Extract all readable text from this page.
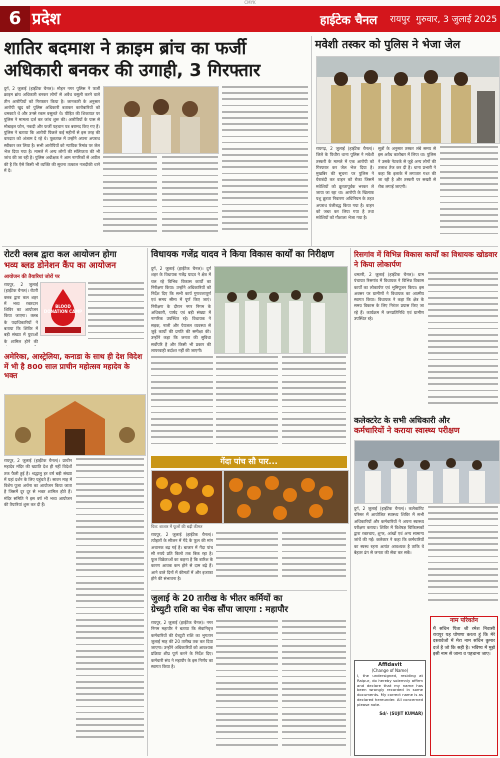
CMYK
6 प्रदेश	हाईटेक चैनल रायपुर गुरुवार, 3 जुलाई 2025
शातिर बदमाश ने क्राइम ब्रांच का फर्जी
अधिकारी बनकर की उगाही, 3 गिरफ्तार
दुर्ग, 2 जुलाई (हाईटेक चैनल)। मोहन नगर पुलिस ने फर्जी क्राइम ब्रांच अधिकारी बनकर लोगों से अवैध वसूली करने वाले तीन आरोपियों को गिरफ्तार किया है। जानकारी के अनुसार आरोपी खुद को पुलिस अधिकारी बताकर कारोबारियों को धमकाते थे और उनसे रकम वसूलते थे। पीड़ित की शिकायत पर पुलिस ने मामला दर्ज कर जांच शुरू की। आरोपियों के पास से मोबाइल फोन, नकदी और फर्जी पहचान पत्र बरामद किए गए हैं। पुलिस ने बताया कि आरोपी पिछले कई महीनों से इस तरह की वारदात को अंजाम दे रहे थे। पूछताछ में उन्होंने अपना अपराध स्वीकार कर लिया है। सभी आरोपियों को न्यायिक रिमांड पर जेल भेज दिया गया है। मामले में अन्य लोगों की संलिप्तता की भी जांच की जा रही है। पुलिस अधीक्षक ने आम नागरिकों से अपील की है कि ऐसे किसी भी व्यक्ति की सूचना तत्काल नजदीकी थाने में दें।
मवेशी तस्कर को पुलिस ने भेजा जेल
रायगढ़, 2 जुलाई (हाईटेक चैनल)। जिले के पिथौरा थाना पुलिस ने मवेशी तस्करी के मामले में एक आरोपी को गिरफ्तार कर जेल भेज दिया है। मुखबिर की सूचना पर पुलिस ने घेराबंदी कर वाहन को रोका जिसमें मवेशियों को क्रूरतापूर्वक भरकर ले जाया जा रहा था। आरोपी के खिलाफ पशु क्रूरता निवारण अधिनियम के तहत अपराध पंजीबद्ध किया गया है। वाहन को जब्त कर लिया गया है तथा मवेशियों को गौशाला भेजा गया है।
सूत्रों के अनुसार तस्कर लंबे समय से इस अवैध कारोबार में लिप्त था। पुलिस ने उसके नेटवर्क से जुड़े अन्य लोगों की तलाश तेज कर दी है। थाना प्रभारी ने कहा कि इलाके में लगातार गश्त की जा रही है और तस्करी पर सख्ती से रोक लगाई जाएगी।
रोटरी क्लब द्वारा कल आयोजन होगा
भव्य ब्लड डोनेशन कैंप का आयोजन
आयोजन की तैयारियां जोरों पर
रायपुर, 2 जुलाई (हाईटेक चैनल)। रोटरी क्लब द्वारा कल शहर में भव्य रक्तदान शिविर का आयोजन किया जाएगा। क्लब के पदाधिकारियों ने बताया कि शिविर में बड़ी संख्या में युवाओं के शामिल होने की
BLOOD DONATION CAMP
अमेरिका, आस्ट्रेलिया, कनाडा के साथ ही देश विदेश में भी है 800 साल प्राचीन महोत्सव महादेव के भक्त
रायपुर, 2 जुलाई (हाईटेक चैनल)। प्राचीन महादेव मंदिर की ख्याति देश ही नहीं विदेशों तक फैली हुई है। श्रद्धालु हर वर्ष बड़ी संख्या में यहां दर्शन के लिए पहुंचते हैं। सावन माह में विशेष पूजा अर्चना का आयोजन किया जाता है जिसमें दूर दूर से भक्त शामिल होते हैं। मंदिर समिति ने इस वर्ष भी भव्य आयोजन की तैयारियां शुरू कर दी हैं।
विधायक गजेंद्र यादव ने किया विकास कार्यों का निरीक्षण
दुर्ग, 2 जुलाई (हाईटेक चैनल)। दुर्ग शहर के विधायक गजेंद्र यादव ने क्षेत्र में चल रहे विभिन्न विकास कार्यों का निरीक्षण किया। उन्होंने अधिकारियों को निर्देश दिए कि सभी कार्य गुणवत्तापूर्ण एवं समय सीमा में पूर्ण किए जाएं। निरीक्षण के दौरान नगर निगम के अधिकारी, पार्षद एवं बड़ी संख्या में नागरिक उपस्थित रहे। विधायक ने सड़क, नाली और पेयजल व्यवस्था से जुड़े कार्यों की प्रगति की समीक्षा की। उन्होंने कहा कि जनता की सुविधा सर्वोपरि है और किसी भी प्रकार की लापरवाही बर्दाश्त नहीं की जाएगी।
रिसगांव में विभिन्न विकास कार्यों का विधायक खोडवार ने किया लोकार्पण
धमतरी, 2 जुलाई (हाईटेक चैनल)। ग्राम पंचायत रिसगांव में विधायक ने विभिन्न विकास कार्यों का लोकार्पण एवं भूमिपूजन किया। इस अवसर पर ग्रामीणों ने विधायक का आत्मीय स्वागत किया। विधायक ने कहा कि क्षेत्र के समग्र विकास के लिए निरंतर प्रयास किए जा रहे हैं। कार्यक्रम में जनप्रतिनिधि एवं ग्रामीण उपस्थित रहे।
गेंदा पांच सौ पार...
चित्र: बाजार में फूलों की बढ़ी कीमत
रायपुर, 2 जुलाई (हाईटेक चैनल)। त्योहारों के सीजन में गेंदे के फूल की मांग अचानक बढ़ गई है। बाजार में गेंदा पांच सौ रुपये प्रति किलो तक बिक रहा है। फूल विक्रेताओं का कहना है कि बारिश के कारण आवक कम होने से दाम बढ़े हैं। आने वाले दिनों में कीमतों में और इजाफा होने की संभावना है।
जुलाई के 20 तारीख के भीतर कर्मियों का
ग्रेच्युटी राशि का चेक सौंपा जाएगा : महापौर
रायपुर, 2 जुलाई (हाईटेक चैनल)। नगर निगम महापौर ने बताया कि सेवानिवृत्त कर्मचारियों की ग्रेच्युटी राशि का भुगतान जुलाई माह की 20 तारीख तक कर दिया जाएगा। उन्होंने अधिकारियों को आवश्यक प्रक्रिया शीघ्र पूर्ण करने के निर्देश दिए। कर्मचारी संघ ने महापौर के इस निर्णय का स्वागत किया है।
कलेक्टरेट के सभी अधिकारी और
कर्मचारियों ने कराया स्वास्थ्य परीक्षण
दुर्ग, 2 जुलाई (हाईटेक चैनल)। कलेक्टोरेट परिसर में आयोजित स्वास्थ्य शिविर में सभी अधिकारियों और कर्मचारियों ने अपना स्वास्थ्य परीक्षण कराया। शिविर में विशेषज्ञ चिकित्सकों द्वारा रक्तचाप, शुगर, आंखों एवं अन्य सामान्य जांचें की गईं। कलेक्टर ने कहा कि कर्मचारियों का स्वस्थ रहना अत्यंत आवश्यक है ताकि वे बेहतर ढंग से जनता की सेवा कर सकें।
नाम परिवर्तन
मैं सचिन पिता श्री रमेश निवासी रायपुर यह घोषणा करता हूं कि मेरे दस्तावेजों में मेरा नाम सचिन कुमार दर्ज है जो कि सही है। भविष्य में मुझे इसी नाम से जाना व पहचाना जाए।
Affidavit
(Change of Name)
I, the undersigned, residing at Raipur, do hereby solemnly affirm and declare that my name has been wrongly recorded in some documents. My correct name is as declared hereunder. All concerned please note.
Sd/- (SUJIT KUMAR)
